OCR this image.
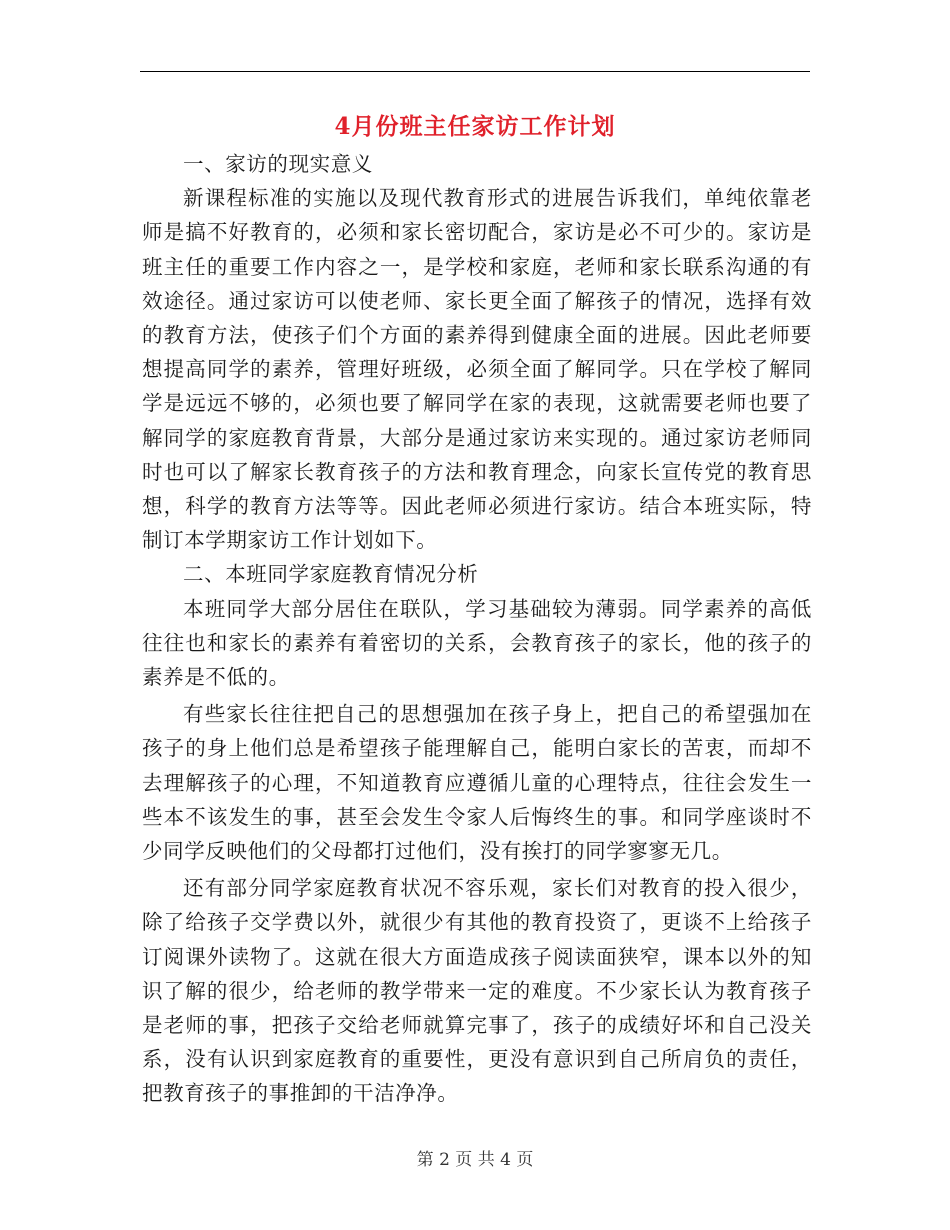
4月份班主任家访工作计划

一、家访的现实意义

新课程标准的实施以及现代教育形式的进展告诉我们，单纯依靠老师是搞不好教育的，必须和家长密切配合，家访是必不可少的。家访是班主任的重要工作内容之一，是学校和家庭，老师和家长联系沟通的有效途径。通过家访可以使老师、家长更全面了解孩子的情况，选择有效的教育方法，使孩子们个方面的素养得到健康全面的进展。因此老师要想提高同学的素养，管理好班级，必须全面了解同学。只在学校了解同学是远远不够的，必须也要了解同学在家的表现，这就需要老师也要了解同学的家庭教育背景，大部分是通过家访来实现的。通过家访老师同时也可以了解家长教育孩子的方法和教育理念，向家长宣传党的教育思想，科学的教育方法等等。因此老师必须进行家访。结合本班实际，特制订本学期家访工作计划如下。

二、本班同学家庭教育情况分析

本班同学大部分居住在联队，学习基础较为薄弱。同学素养的高低往往也和家长的素养有着密切的关系，会教育孩子的家长，他的孩子的素养是不低的。

有些家长往往把自己的思想强加在孩子身上，把自己的希望强加在孩子的身上他们总是希望孩子能理解自己，能明白家长的苦衷，而却不去理解孩子的心理，不知道教育应遵循儿童的心理特点，往往会发生一些本不该发生的事，甚至会发生令家人后悔终生的事。和同学座谈时不少同学反映他们的父母都打过他们，没有挨打的同学寥寥无几。

还有部分同学家庭教育状况不容乐观，家长们对教育的投入很少，除了给孩子交学费以外，就很少有其他的教育投资了，更谈不上给孩子订阅课外读物了。这就在很大方面造成孩子阅读面狭窄，课本以外的知识了解的很少，给老师的教学带来一定的难度。不少家长认为教育孩子是老师的事，把孩子交给老师就算完事了，孩子的成绩好坏和自己没关系，没有认识到家庭教育的重要性，更没有意识到自己所肩负的责任，把教育孩子的事推卸的干洁净净。

第 2 页 共 4 页
